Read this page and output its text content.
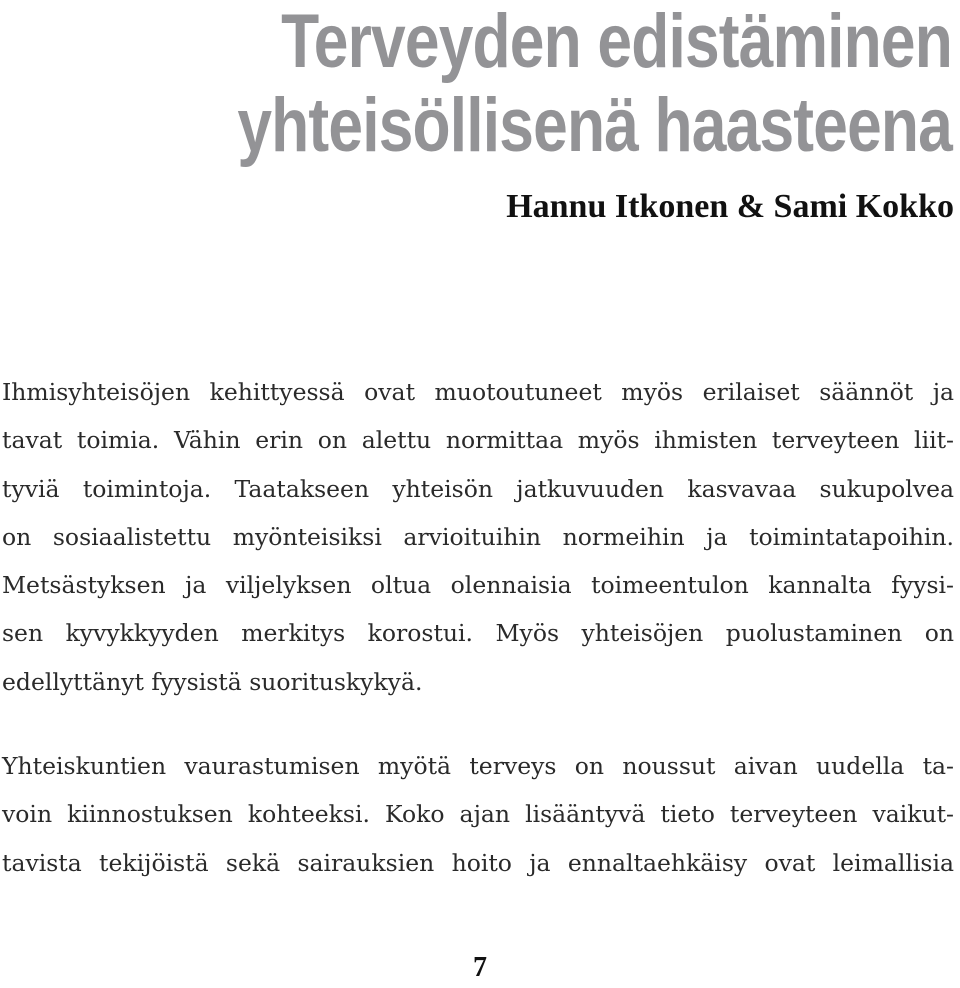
Terveyden edistäminen
yhteisöllisenä haasteena
Hannu Itkonen & Sami Kokko
Ihmisyhteisöjen kehittyessä ovat muotoutuneet myös erilaiset säännöt ja
tavat toimia. Vähin erin on alettu normittaa myös ihmisten terveyteen liit-
tyviä toimintoja. Taatakseen yhteisön jatkuvuuden kasvavaa sukupolvea
on sosiaalistettu myönteisiksi arvioituihin normeihin ja toimintatapoihin.
Metsästyksen ja viljelyksen oltua olennaisia toimeentulon kannalta fyysi-
sen kyvykkyyden merkitys korostui. Myös yhteisöjen puolustaminen on
edellyttänyt fyysistä suorituskykyä.
Yhteiskuntien vaurastumisen myötä terveys on noussut aivan uudella ta-
voin kiinnostuksen kohteeksi. Koko ajan lisääntyvä tieto terveyteen vaikut-
tavista tekijöistä sekä sairauksien hoito ja ennaltaehkäisy ovat leimallisia
7
